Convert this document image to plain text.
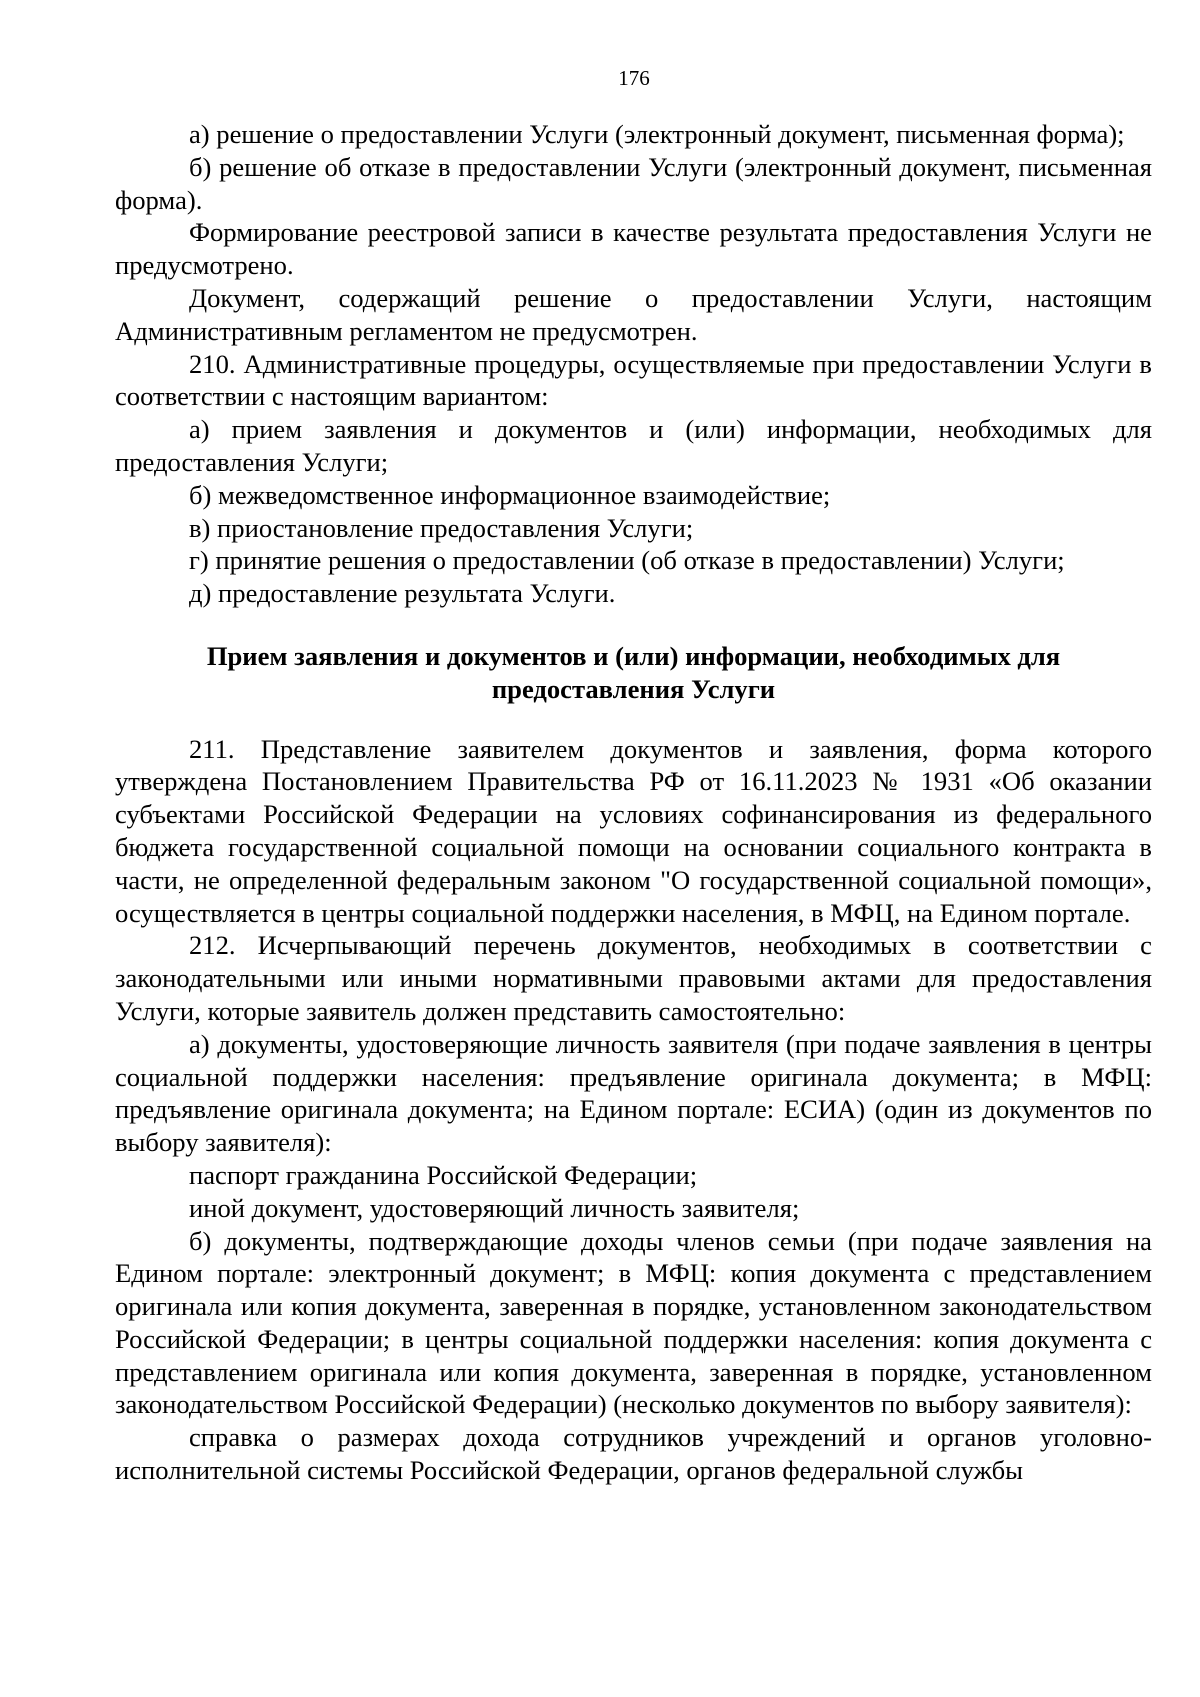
176

а) решение о предоставлении Услуги (электронный документ, письменная форма);

б) решение об отказе в предоставлении Услуги (электронный документ, письменная форма).

Формирование реестровой записи в качестве результата предоставления Услуги не предусмотрено.

Документ, содержащий решение о предоставлении Услуги, настоящим Административным регламентом не предусмотрен.

210. Административные процедуры, осуществляемые при предоставлении Услуги в соответствии с настоящим вариантом:

а) прием заявления и документов и (или) информации, необходимых для предоставления Услуги;

б) межведомственное информационное взаимодействие;

в) приостановление предоставления Услуги;

г) принятие решения о предоставлении (об отказе в предоставлении) Услуги;

д) предоставление результата Услуги.

Прием заявления и документов и (или) информации, необходимых для предоставления Услуги

211. Представление заявителем документов и заявления, форма которого утверждена Постановлением Правительства РФ от 16.11.2023 № 1931 «Об оказании субъектами Российской Федерации на условиях софинансирования из федерального бюджета государственной социальной помощи на основании социального контракта в части, не определенной федеральным законом "О государственной социальной помощи», осуществляется в центры социальной поддержки населения, в МФЦ, на Едином портале.

212. Исчерпывающий перечень документов, необходимых в соответствии с законодательными или иными нормативными правовыми актами для предоставления Услуги, которые заявитель должен представить самостоятельно:

а) документы, удостоверяющие личность заявителя (при подаче заявления в центры социальной поддержки населения: предъявление оригинала документа; в МФЦ: предъявление оригинала документа; на Едином портале: ЕСИА) (один из документов по выбору заявителя):

паспорт гражданина Российской Федерации;

иной документ, удостоверяющий личность заявителя;

б) документы, подтверждающие доходы членов семьи (при подаче заявления на Едином портале: электронный документ; в МФЦ: копия документа с представлением оригинала или копия документа, заверенная в порядке, установленном законодательством Российской Федерации; в центры социальной поддержки населения: копия документа с представлением оригинала или копия документа, заверенная в порядке, установленном законодательством Российской Федерации) (несколько документов по выбору заявителя):

справка о размерах дохода сотрудников учреждений и органов уголовно-исполнительной системы Российской Федерации, органов федеральной службы
